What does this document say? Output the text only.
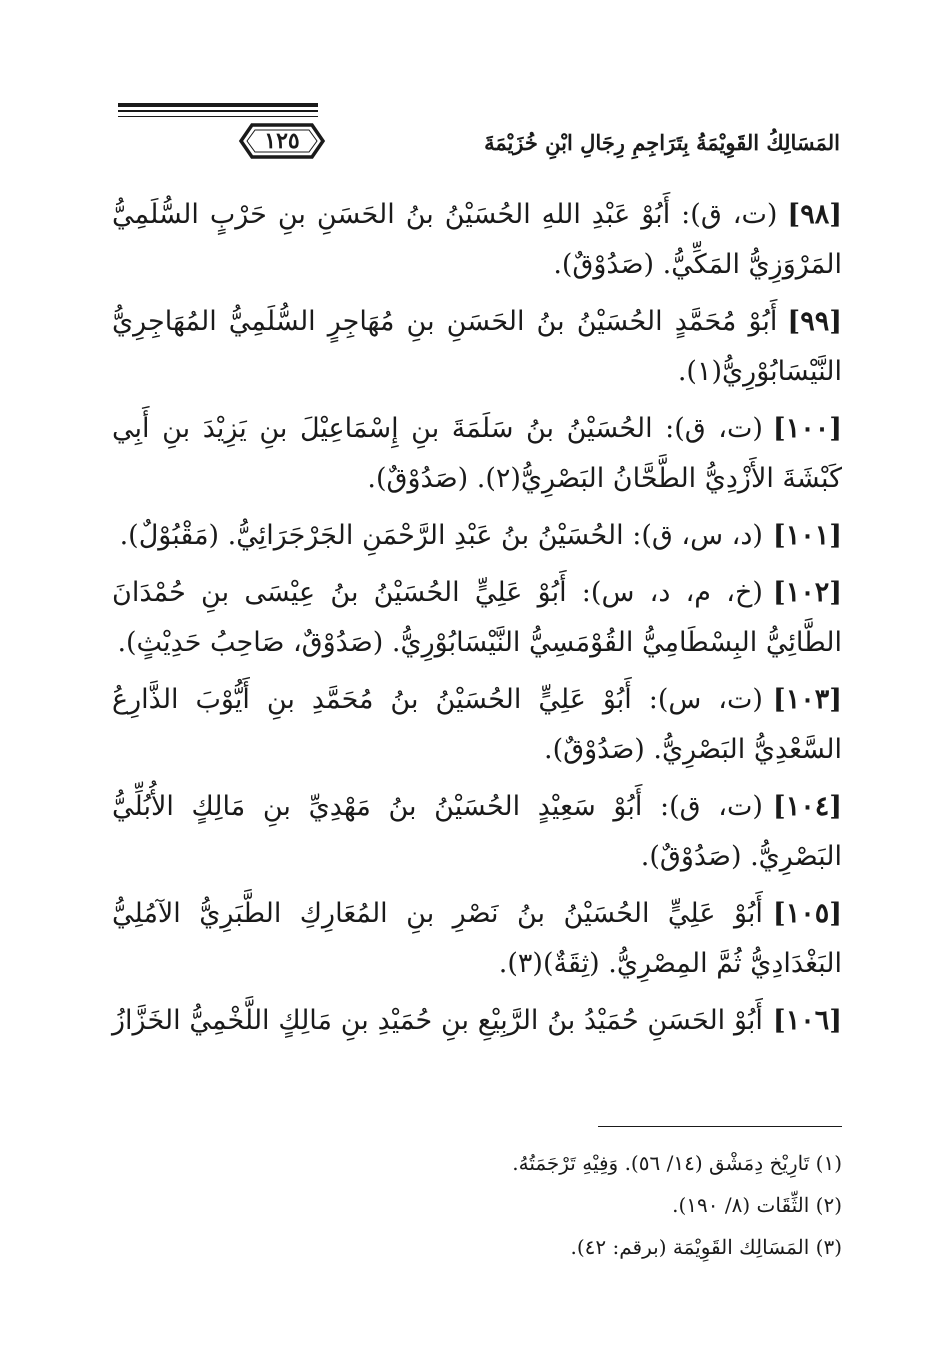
المَسَالِكُ القَوِيْمَةُ بِتَرَاجِمِ رِجَالِ ابْنِ خُزَيْمَةَ
١٢٥
[٩٨](ت، ق): أَبُوْ عَبْدِ اللهِ الحُسَيْنُ بنُ الحَسَنِ بنِ حَرْبٍ السُّلَمِيُّ المَرْوَزِيُّ المَكِّيُّ. (صَدُوْقٌ).
[٩٩]أَبُوْ مُحَمَّدٍ الحُسَيْنُ بنُ الحَسَنِ بنِ مُهَاجِرٍ السُّلَمِيُّ المُهَاجِرِيُّ النَّيْسَابُوْرِيُّ(١).
[١٠٠](ت، ق): الحُسَيْنُ بنُ سَلَمَةَ بنِ إِسْمَاعِيْلَ بنِ يَزِيْدَ بنِ أَبِي كَبْشَةَ الأَزْدِيُّ الطَّحَّانُ البَصْرِيُّ(٢). (صَدُوْقٌ).
[١٠١](د، س، ق): الحُسَيْنُ بنُ عَبْدِ الرَّحْمَنِ الجَرْجَرَائِيُّ. (مَقْبُوْلٌ).
[١٠٢](خ، م، د، س): أَبُوْ عَلِيٍّ الحُسَيْنُ بنُ عِيْسَى بنِ حُمْدَانَ الطَّائِيُّ البِسْطَامِيُّ القُوْمَسِيُّ النَّيْسَابُوْرِيُّ. (صَدُوْقٌ، صَاحِبُ حَدِيْثٍ).
[١٠٣](ت، س): أَبُوْ عَلِيٍّ الحُسَيْنُ بنُ مُحَمَّدِ بنِ أَيُّوْبَ الذَّارِعُ السَّعْدِيُّ البَصْرِيُّ. (صَدُوْقٌ).
[١٠٤](ت، ق): أَبُوْ سَعِيْدٍ الحُسَيْنُ بنُ مَهْدِيِّ بنِ مَالِكٍ الأُبُلِّيُّ البَصْرِيُّ. (صَدُوْقٌ).
[١٠٥]أَبُوْ عَلِيٍّ الحُسَيْنُ بنُ نَصْرِ بنِ المُعَارِكِ الطَّبَرِيُّ الآمُلِيُّ البَغْدَادِيُّ ثُمَّ المِصْرِيُّ. (ثِقَةٌ)(٣).
[١٠٦]أَبُوْ الحَسَنِ حُمَيْدُ بنُ الرَّبِيْعِ بنِ حُمَيْدِ بنِ مَالِكٍ اللَّخْمِيُّ الخَزَّازُ
(١) تَارِيْخ دِمَشْق (١٤/ ٥٦). وَفِيْهِ تَرْجَمَتُهُ.
(٢) الثِّقَات (٨/ ١٩٠).
(٣) المَسَالِك القَوِيْمَة (برقم: ٤٢).
